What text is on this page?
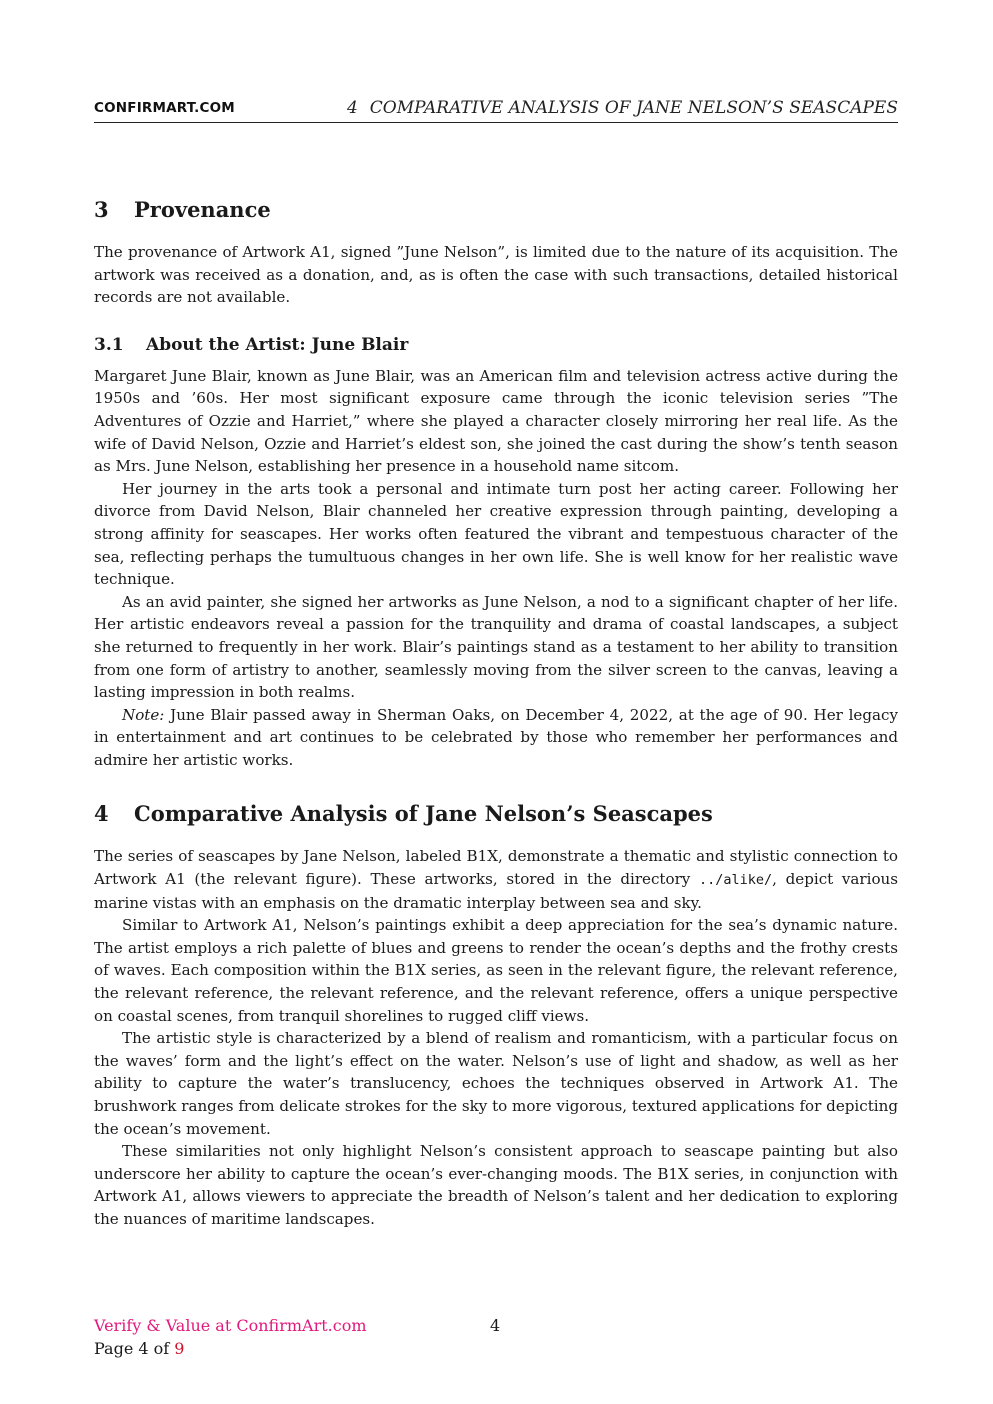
CONFIRMART.COM	4 COMPARATIVE ANALYSIS OF JANE NELSON’S SEASCAPES
3 Provenance

The provenance of Artwork A1, signed ”June Nelson”, is limited due to the nature of its acquisition. The artwork was received as a donation, and, as is often the case with such transactions, detailed historical records are not available.

3.1 About the Artist: June Blair

Margaret June Blair, known as June Blair, was an American film and television actress active during the 1950s and ’60s. Her most significant exposure came through the iconic television series ”The Adventures of Ozzie and Harriet,” where she played a character closely mirroring her real life. As the wife of David Nelson, Ozzie and Harriet’s eldest son, she joined the cast during the show’s tenth season as Mrs. June Nelson, establishing her presence in a household name sitcom.

Her journey in the arts took a personal and intimate turn post her acting career. Following her divorce from David Nelson, Blair channeled her creative expression through painting, developing a strong affinity for seascapes. Her works often featured the vibrant and tempestuous character of the sea, reflecting perhaps the tumultuous changes in her own life. She is well know for her realistic wave technique.

As an avid painter, she signed her artworks as June Nelson, a nod to a significant chapter of her life. Her artistic endeavors reveal a passion for the tranquility and drama of coastal landscapes, a subject she returned to frequently in her work. Blair’s paintings stand as a testament to her ability to transition from one form of artistry to another, seamlessly moving from the silver screen to the canvas, leaving a lasting impression in both realms.

Note: June Blair passed away in Sherman Oaks, on December 4, 2022, at the age of 90. Her legacy in entertainment and art continues to be celebrated by those who remember her performances and admire her artistic works.

4 Comparative Analysis of Jane Nelson’s Seascapes

The series of seascapes by Jane Nelson, labeled B1X, demonstrate a thematic and stylistic connection to Artwork A1 (the relevant figure). These artworks, stored in the directory ../alike/, depict various marine vistas with an emphasis on the dramatic interplay between sea and sky.

Similar to Artwork A1, Nelson’s paintings exhibit a deep appreciation for the sea’s dynamic nature. The artist employs a rich palette of blues and greens to render the ocean’s depths and the frothy crests of waves. Each composition within the B1X series, as seen in the relevant figure, the relevant reference, the relevant reference, the relevant reference, and the relevant reference, offers a unique perspective on coastal scenes, from tranquil shorelines to rugged cliff views.

The artistic style is characterized by a blend of realism and romanticism, with a particular focus on the waves’ form and the light’s effect on the water. Nelson’s use of light and shadow, as well as her ability to capture the water’s translucency, echoes the techniques observed in Artwork A1. The brushwork ranges from delicate strokes for the sky to more vigorous, textured applications for depicting the ocean’s movement.

These similarities not only highlight Nelson’s consistent approach to seascape painting but also underscore her ability to capture the ocean’s ever-changing moods. The B1X series, in conjunction with Artwork A1, allows viewers to appreciate the breadth of Nelson’s talent and her dedication to exploring the nuances of maritime landscapes.

Verify & Value at ConfirmArt.com	4
Page 4 of 9
